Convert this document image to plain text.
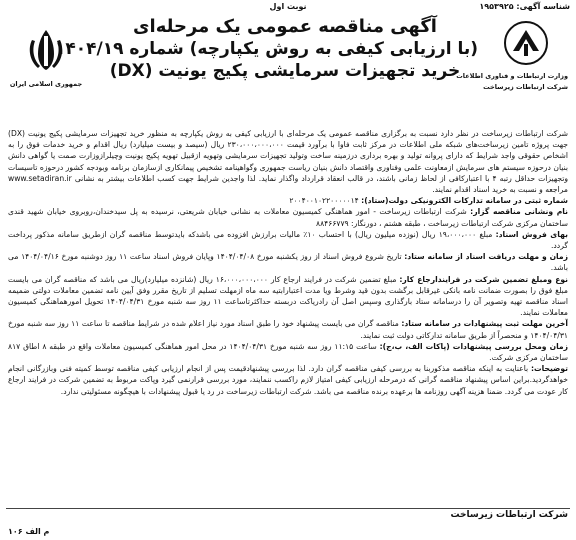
شناسه آگهی: ۱۹۵۳۹۲۵
نوبت اول
وزارت ارتباطات و فناوری اطلاعات
شرکت ارتباطات زیرساخت
جمهوری اسلامی ایران
آگهی مناقصه عمومی یک مرحله‌ای
(با ارزیابی کیفی به روش یکپارچه) شماره ۱۴۰۴/۱۹
خرید تجهیزات سرمایشی پکیج یونیت (DX)

شرکت ارتباطات زیرساخت در نظر دارد نسبت به برگزاری مناقصه عمومی یک مرحله‌ای با ارزیابی کیفی به روش یکپارچه به منظور خرید تجهیزات سرمایشی پکیج یونیت (DX) جهت پروژه تامین زیرساخت‌های شبکه ملی اطلاعات در مرکز ثابت فاوا با برآورد قیمت ۲۳۰،۰۰۰،۰۰۰،۰۰۰ ریال (سیصد و بیست میلیارد) ریال اقدام و خرید خدمات فوق را به اشخاص حقوقی واجد شرایط که دارای پروانه تولید و بهره برداری درزمینه ساخت وتولید تجهیزات سرمایشی وتهویه ازقبیل تهویه پکیج یونیت وچیلرازوزارت صمت یا گواهی دانش بنیان درحوزه سیستم های سرمایش ازمعاونت علمی وفناوری واقتصاد دانش بنیان ریاست جمهوری وگواهینامه تشخیص پیمانکاری ازسازمان برنامه وبودجه کشور درحوزه تاسیسات وتجهیزات حداقل رتبه ۴ با اعتبارکافی از لحاظ زمانی باشند، در قالب انعقاد قرارداد واگذار نماید. لذا واجدین شرایط جهت کسب اطلاعات بیشتر به نشانی www.setadiran.ir مراجعه و نسبت به خرید اسناد اقدام نمایند.

شماره ثبتی در سامانه تدارکات الکترونیکی دولت(ستاد): ۲۰۰۴۰۰۱۰۲۲۰۰۰۰۰۱۴

نام ونشانی مناقصه گزار: شرکت ارتباطات زیرساخت - امور هماهنگی کمیسیون معاملات به نشانی خیابان شریعتی، نرسیده به پل سیدخندان،روبروی خیابان شهید قندی ساختمان مرکزی شرکت ارتباطات زیرساخت ، طبقه هشتم ، دورنگار: ۸۸۴۶۶۷۷۹

بهای فروش اسناد: مبلغ ۱۹،۰۰۰،۰۰۰ ریال (نوزده میلیون ریال) با احتساب ۱۰٪ مالیات برارزش افزوده می باشدکه بایدتوسط مناقصه گران ازطریق سامانه مذکور پرداخت گردد.

زمان و مهلت دریافت اسناد از سامانه ستاد: تاریخ شروع فروش اسناد از روز یکشنبه مورخ ۱۴۰۴/۰۴/۰۸ وپایان فروش اسناد ساعت ۱۱ روز دوشنبه مورخ ۱۴۰۴/۰۴/۱۶ می باشد.

نوع ومبلغ تضمین شرکت در فرایندارجاع کار: مبلغ تضمین شرکت در فرایند ارجاع کار ۱۶،۰۰۰،۰۰۰،۰۰۰ ریال (شانزده میلیارد)ریال می باشد که مناقصه گران می بایست مبلغ فوق را بصورت ضمانت نامه بانکی غیرقابل برگشت بدون قید وشرط ویا مدت اعتبارابتیه سه ماه ازمهلت تسلیم از تاریخ مقرر وفق آیین نامه تضمین معاملات دولتی ضمیمه اسناد مناقصه تهیه وتصویر آن را درسامانه ستاد بارگذاری وسپس اصل آن رادریاکت دربسته حداکثرتاساعت ۱۱ روز سه شنبه مورخ ۱۴۰۴/۰۴/۳۱ تحویل امورهماهنگی کمیسیون معاملات نمایند.

آخرین مهلت ثبت پیشنهادات در سامانه ستاد: مناقصه گران می بایست پیشنهاد خود را طبق اسناد مورد نیاز اعلام شده در شرایط مناقصه تا ساعت ۱۱ روز سه شنبه مورخ ۱۴۰۴/۰۴/۳۱ و منحصراً از طریق سامانه تدارکاتی دولت ثبت نمایند.

زمان ومحل بررسی پیشنهادات (پاکات الف، ب،ج): ساعت ۱۱:۱۵ روز سه شنبه مورخ ۱۴۰۴/۰۴/۳۱ در محل امور هماهنگی کمیسیون معاملات واقع در طبقه ۸ اطاق ۸۱۷ ساختمان مرکزی شرکت.

توضیحات: باعنایت به اینکه مناقصه مذکوربنا به بررسی کیفی مناقصه گران دارد. لذا بررسی پیشنهادقیمت پس از انجام ارزیابی کیفی مناقصه توسط کمیته فنی وبازرگانی انجام خواهدگردید.براین اساس پیشنهاد مناقصه گرانی که درمرحله ارزیابی کیفی امتیاز لازم راکسب ننمایند، مورد بررسی قرارنمی گیرد وپاکت مربوط به تضمین شرکت در فرایند ارجاع کار عودت می گردد. ضمنا هزینه آگهی روزنامه ها برعهده برنده مناقصه می باشد. شرکت ارتباطات زیرساخت در رد یا قبول پیشنهادات با هیچگونه مسئولیتی ندارد.

شرکت ارتباطات زیرساخت
م الف ۱۰۶
